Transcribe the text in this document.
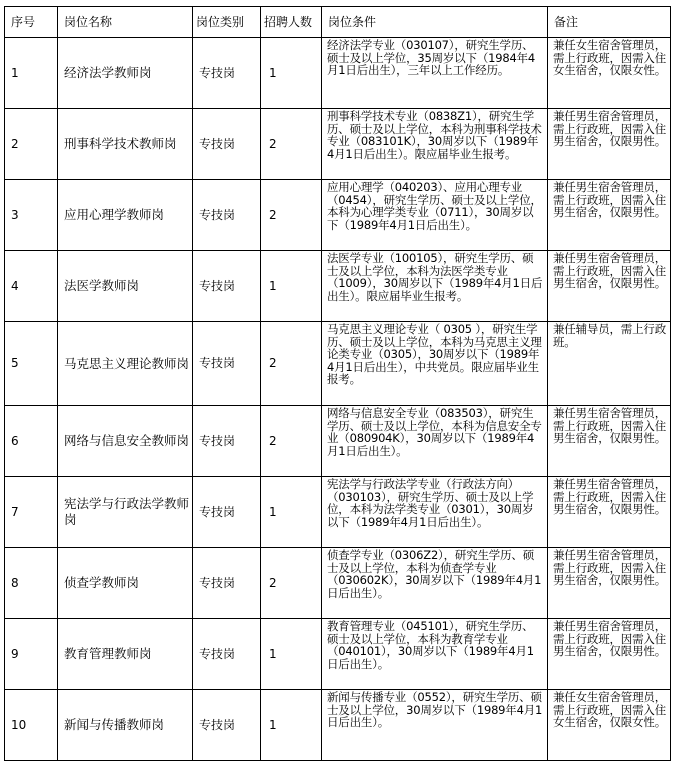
序号	岗位名称	岗位类别	招聘人数	岗位条件	备注
1	经济法学教师岗	专技岗	1	经济法学专业（030107），研究生学历、硕士及以上学位，35周岁以下（1984年4月1日后出生），三年以上工作经历。	兼任女生宿舍管理员，需上行政班，因需入住女生宿舍，仅限女性。
2	刑事科学技术教师岗	专技岗	2	刑事科学技术专业（0838Z1），研究生学历、硕士及以上学位，本科为刑事科学技术专业（083101K），30周岁以下（1989年4月1日后出生）。限应届毕业生报考。	兼任男生宿舍管理员，需上行政班，因需入住男生宿舍，仅限男性。
3	应用心理学教师岗	专技岗	2	应用心理学（040203）、应用心理专业（0454），研究生学历、硕士及以上学位，本科为心理学类专业（0711），30周岁以下（1989年4月1日后出生）。	兼任男生宿舍管理员，需上行政班，因需入住男生宿舍，仅限男性。
4	法医学教师岗	专技岗	1	法医学专业（100105），研究生学历、硕士及以上学位，本科为法医学类专业（1009），30周岁以下（1989年4月1日后出生）。限应届毕业生报考。	兼任男生宿舍管理员，需上行政班，因需入住男生宿舍，仅限男性。
5	马克思主义理论教师岗	专技岗	2	马克思主义理论专业（ 0305 ），研究生学历、硕士及以上学位，本科为马克思主义理论类专业（0305），30周岁以下（1989年4月1日后出生），中共党员。限应届毕业生报考。	兼任辅导员，需上行政班。
6	网络与信息安全教师岗	专技岗	2	网络与信息安全专业（083503），研究生学历、硕士及以上学位，本科为信息安全专业（080904K），30周岁以下（1989年4月1日后出生）。	兼任男生宿舍管理员，需上行政班，因需入住男生宿舍，仅限男性。
7	宪法学与行政法学教师岗	专技岗	1	宪法学与行政法学专业（行政法方向）（030103），研究生学历、硕士及以上学位，本科为法学类专业（0301），30周岁以下（1989年4月1日后出生）。	兼任男生宿舍管理员，需上行政班，因需入住男生宿舍，仅限男性。
8	侦查学教师岗	专技岗	2	侦查学专业（0306Z2），研究生学历、硕士及以上学位，本科为侦查学专业（030602K），30周岁以下（1989年4月1日后出生）。	兼任男生宿舍管理员，需上行政班，因需入住男生宿舍，仅限男性。
9	教育管理教师岗	专技岗	1	教育管理专业（045101），研究生学历、硕士及以上学位，本科为教育学专业（040101），30周岁以下（1989年4月1日后出生）。	兼任男生宿舍管理员，需上行政班，因需入住男生宿舍，仅限男性。
10	新闻与传播教师岗	专技岗	1	新闻与传播专业（0552），研究生学历、硕士及以上学位，30周岁以下（1989年4月1日后出生）。	兼任女生宿舍管理员，需上行政班，因需入住女生宿舍，仅限女性。
